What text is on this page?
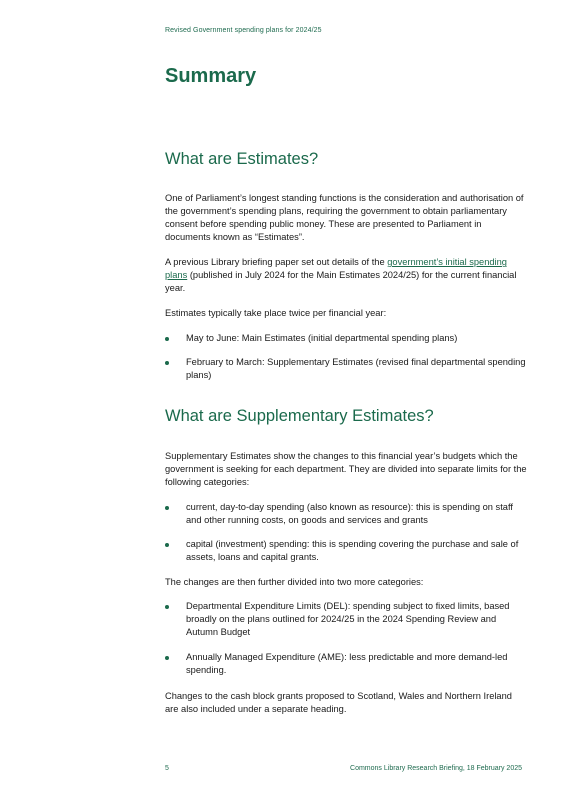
Revised Government spending plans for 2024/25
Summary
What are Estimates?

One of Parliament’s longest standing functions is the consideration and authorisation of the government’s spending plans, requiring the government to obtain parliamentary consent before spending public money. These are presented to Parliament in documents known as “Estimates”.

A previous Library briefing paper set out details of the government’s initial spending plans (published in July 2024 for the Main Estimates 2024/25) for the current financial year.

Estimates typically take place twice per financial year:

May to June: Main Estimates (initial departmental spending plans)
February to March: Supplementary Estimates (revised final departmental spending plans)
What are Supplementary Estimates?

Supplementary Estimates show the changes to this financial year’s budgets which the government is seeking for each department. They are divided into separate limits for the following categories:

current, day-to-day spending (also known as resource): this is spending on staff and other running costs, on goods and services and grants
capital (investment) spending: this is spending covering the purchase and sale of assets, loans and capital grants.

The changes are then further divided into two more categories:

Departmental Expenditure Limits (DEL): spending subject to fixed limits, based broadly on the plans outlined for 2024/25 in the 2024 Spending Review and Autumn Budget
Annually Managed Expenditure (AME): less predictable and more demand-led spending.

Changes to the cash block grants proposed to Scotland, Wales and Northern Ireland are also included under a separate heading.

5	Commons Library Research Briefing, 18 February 2025
